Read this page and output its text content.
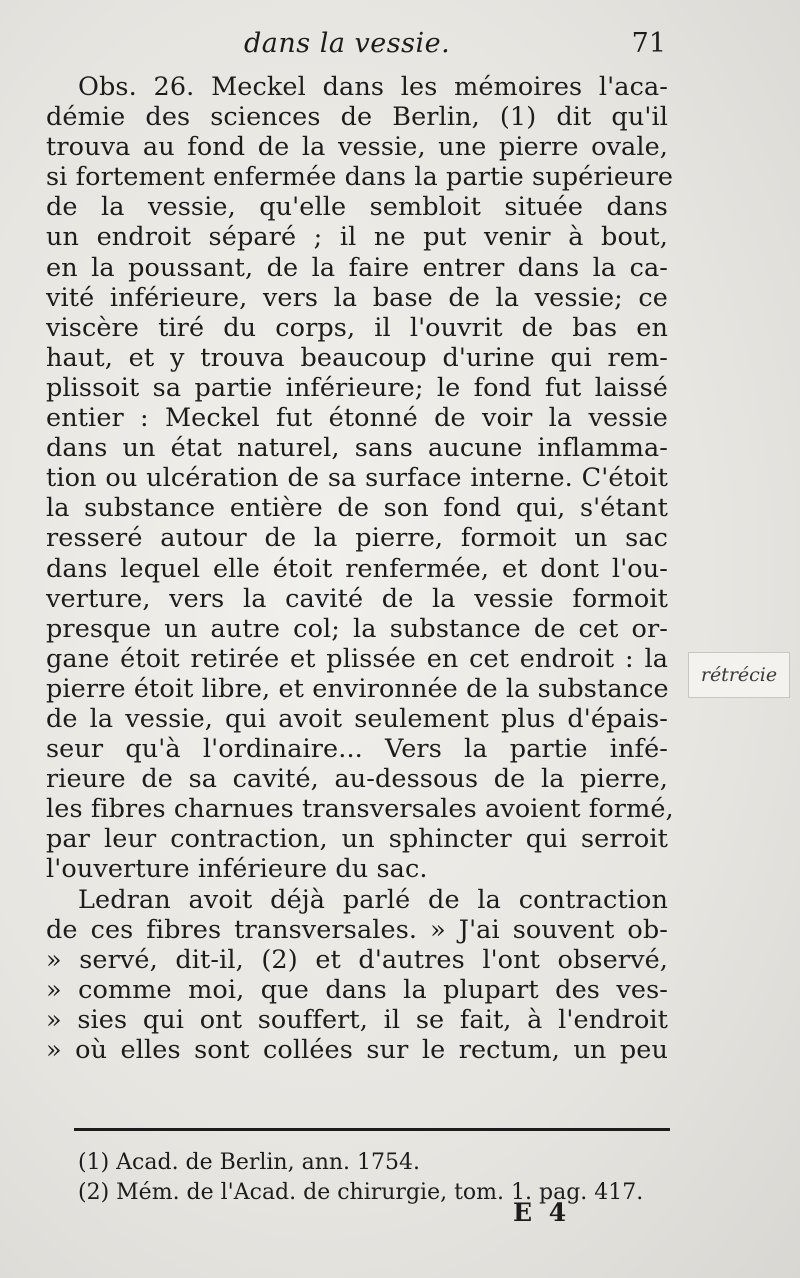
dans la vessie.	71
Obs. 26. Meckel dans les mémoires l'aca-
démie des sciences de Berlin, (1) dit qu'il
trouva au fond de la vessie, une pierre ovale,
si fortement enfermée dans la partie supérieure
de la vessie, qu'elle sembloit située dans
un endroit séparé ; il ne put venir à bout,
en la poussant, de la faire entrer dans la ca-
vité inférieure, vers la base de la vessie; ce
viscère tiré du corps, il l'ouvrit de bas en
haut, et y trouva beaucoup d'urine qui rem-
plissoit sa partie inférieure; le fond fut laissé
entier : Meckel fut étonné de voir la vessie
dans un état naturel, sans aucune inflamma-
tion ou ulcération de sa surface interne. C'étoit
la substance entière de son fond qui, s'étant
resseré autour de la pierre, formoit un sac
dans lequel elle étoit renfermée, et dont l'ou-
verture, vers la cavité de la vessie formoit
presque un autre col; la substance de cet or-
gane étoit retirée et plissée en cet endroit : la
pierre étoit libre, et environnée de la substance
de la vessie, qui avoit seulement plus d'épais-
seur qu'à l'ordinaire... Vers la partie infé-
rieure de sa cavité, au-dessous de la pierre,
les fibres charnues transversales avoient formé,
par leur contraction, un sphincter qui serroit
l'ouverture inférieure du sac.
Ledran avoit déjà parlé de la contraction
de ces fibres transversales. » J'ai souvent ob-
» servé, dit-il, (2) et d'autres l'ont observé,
» comme moi, que dans la plupart des ves-
» sies qui ont souffert, il se fait, à l'endroit
» où elles sont collées sur le rectum, un peu
rétrécie
(1) Acad. de Berlin, ann. 1754.
(2) Mém. de l'Acad. de chirurgie, tom. 1. pag. 417.
E 4
